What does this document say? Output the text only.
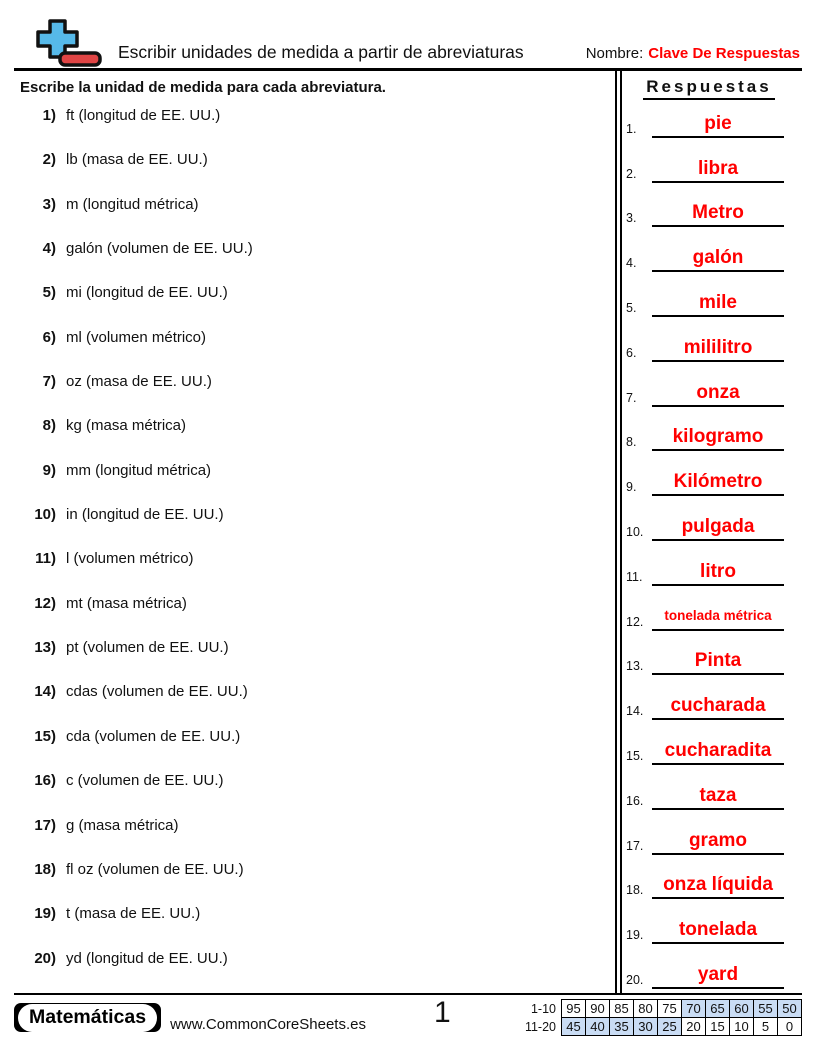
Escribir unidades de medida a partir de abreviaturas	Nombre: Clave De Respuestas
Escribe la unidad de medida para cada abreviatura.
1) ft (longitud de EE. UU.)
2) lb (masa de EE. UU.)
3) m (longitud métrica)
4) galón (volumen de EE. UU.)
5) mi (longitud de EE. UU.)
6) ml (volumen métrico)
7) oz (masa de EE. UU.)
8) kg (masa métrica)
9) mm (longitud métrica)
10) in (longitud de EE. UU.)
11) l (volumen métrico)
12) mt (masa métrica)
13) pt (volumen de EE. UU.)
14) cdas (volumen de EE. UU.)
15) cda (volumen de EE. UU.)
16) c (volumen de EE. UU.)
17) g (masa métrica)
18) fl oz (volumen de EE. UU.)
19) t (masa de EE. UU.)
20) yd (longitud de EE. UU.)
Respuestas
1.	pie
2.	libra
3.	Metro
4.	galón
5.	mile
6.	mililitro
7.	onza
8.	kilogramo
9.	Kilómetro
10.	pulgada
11.	litro
12.	tonelada métrica
13.	Pinta
14.	cucharada
15.	cucharadita
16.	taza
17.	gramo
18.	onza líquida
19.	tonelada
20.	yard
Matemáticas	www.CommonCoreSheets.es 1	1-10	95	90	85	80	75	70	65	60	55	50
11-20	45	40	35	30	25	20	15	10	5	0
